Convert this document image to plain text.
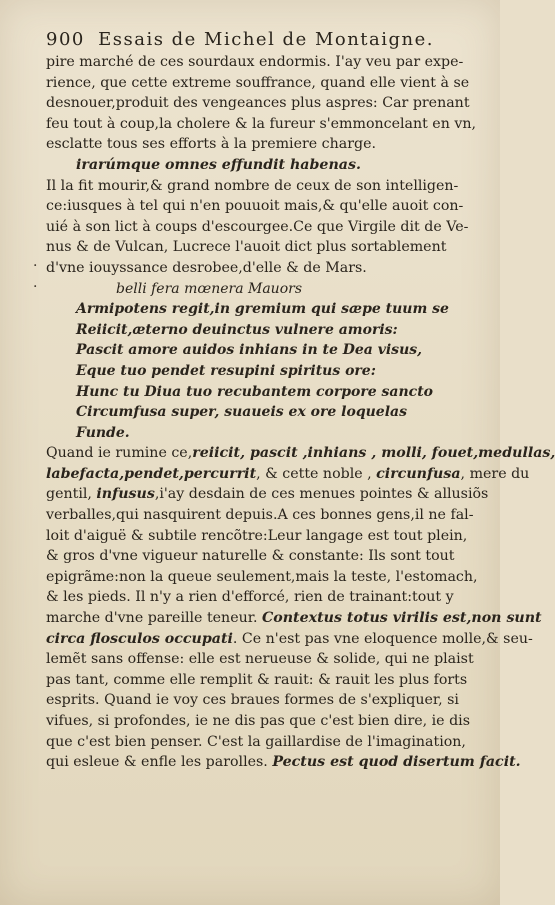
900 Essais de Michel de Montaigne.
pire marché de ces sourdaux endormis. I'ay veu par expe-
rience, que cette extreme souffrance, quand elle vient à se
desnouer,produit des vengeances plus aspres: Car prenant
feu tout à coup,la cholere & la fureur s'emmoncelant en vn,
esclatte tous ses efforts à la premiere charge.
irarúmque omnes effundit habenas.
Il la fit mourir,& grand nombre de ceux de son intelligen-
ce:iusques à tel qui n'en pouuoit mais,& qu'elle auoit con-
uié à son lict à coups d'escourgee.Ce que Virgile dit de Ve-
nus & de Vulcan, Lucrece l'auoit dict plus sortablement
d'vne iouyssance desrobee,d'elle & de Mars.
belli fera mœnera Mauors
Armipotens regit,in gremium qui sæpe tuum se
Reiicit,æterno deuinctus vulnere amoris:
Pascit amore auidos inhians in te Dea visus,
Eque tuo pendet resupini spiritus ore:
Hunc tu Diua tuo recubantem corpore sancto
Circumfusa super, suaueis ex ore loquelas
Funde.
Quand ie rumine ce,reiicit, pascit ,inhians , molli, fouet,medullas,
labefacta,pendet,percurrit, & cette noble , circunfusa, mere du
gentil, infusus,i'ay desdain de ces menues pointes & allusiõs
verballes,qui nasquirent depuis.A ces bonnes gens,il ne fal-
loit d'aiguë & subtile rencõtre:Leur langage est tout plein,
& gros d'vne vigueur naturelle & constante: Ils sont tout
epigrãme:non la queue seulement,mais la teste, l'estomach,
& les pieds. Il n'y a rien d'efforcé, rien de trainant:tout y
marche d'vne pareille teneur. Contextus totus virilis est,non sunt
circa flosculos occupati. Ce n'est pas vne eloquence molle,& seu-
lemẽt sans offense: elle est nerueuse & solide, qui ne plaist
pas tant, comme elle remplit & rauit: & rauit les plus forts
esprits. Quand ie voy ces braues formes de s'expliquer, si
vifues, si profondes, ie ne dis pas que c'est bien dire, ie dis
que c'est bien penser. C'est la gaillardise de l'imagination,
qui esleue & enfle les parolles. Pectus est quod disertum facit.
·
·
